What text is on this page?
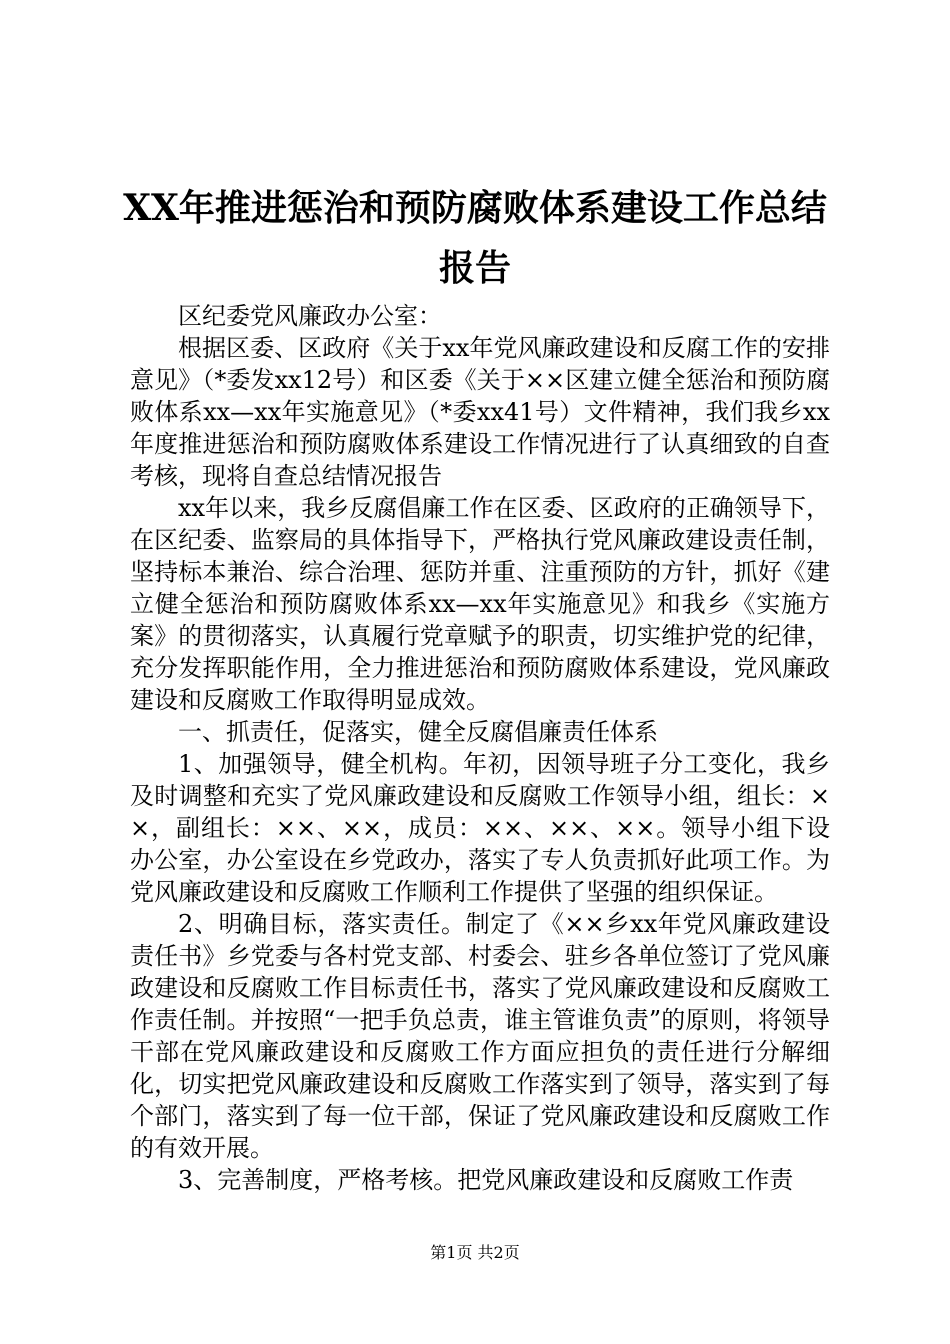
XX年推进惩治和预防腐败体系建设工作总结
报告

区纪委党风廉政办公室：

根据区委、区政府《关于xx年党风廉政建设和反腐工作的安排意见》（*委发xx12号）和区委《关于××区建立健全惩治和预防腐败体系xx—xx年实施意见》（*委xx41号）文件精神，我们我乡xx年度推进惩治和预防腐败体系建设工作情况进行了认真细致的自查考核，现将自查总结情况报告

xx年以来，我乡反腐倡廉工作在区委、区政府的正确领导下，在区纪委、监察局的具体指导下，严格执行党风廉政建设责任制，坚持标本兼治、综合治理、惩防并重、注重预防的方针，抓好《建立健全惩治和预防腐败体系xx—xx年实施意见》和我乡《实施方案》的贯彻落实，认真履行党章赋予的职责，切实维护党的纪律，充分发挥职能作用，全力推进惩治和预防腐败体系建设，党风廉政建设和反腐败工作取得明显成效。

一、抓责任，促落实，健全反腐倡廉责任体系

1、加强领导，健全机构。年初，因领导班子分工变化，我乡及时调整和充实了党风廉政建设和反腐败工作领导小组，组长：××，副组长：××、××，成员：××、××、××。领导小组下设办公室，办公室设在乡党政办，落实了专人负责抓好此项工作。为党风廉政建设和反腐败工作顺利工作提供了坚强的组织保证。

2、明确目标，落实责任。制定了《××乡xx年党风廉政建设责任书》乡党委与各村党支部、村委会、驻乡各单位签订了党风廉政建设和反腐败工作目标责任书，落实了党风廉政建设和反腐败工作责任制。并按照“一把手负总责，谁主管谁负责”的原则，将领导干部在党风廉政建设和反腐败工作方面应担负的责任进行分解细化，切实把党风廉政建设和反腐败工作落实到了领导，落实到了每个部门，落实到了每一位干部，保证了党风廉政建设和反腐败工作的有效开展。

3、完善制度，严格考核。把党风廉政建设和反腐败工作责

第1页 共2页
